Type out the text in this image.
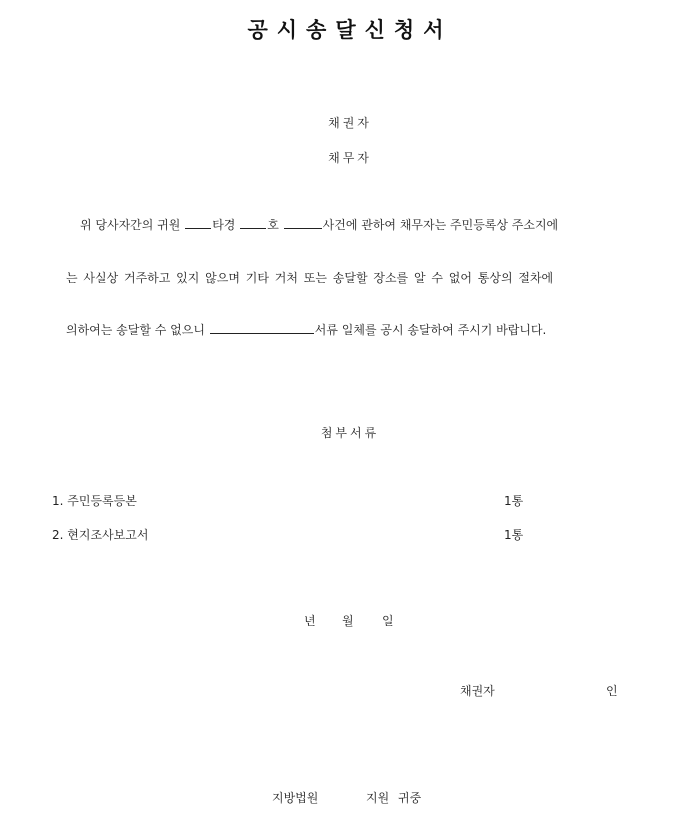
공시송달신청서
채권자
채무자
위 당사자간의 귀원	타경	호	사건에 관하여 채무자는 주민등록상 주소지에
는 사실상 거주하고 있지 않으며 기타 거처 또는 송달할 장소를 알 수 없어 통상의 절차에
의하여는 송달할 수 없으니	서류 일체를 공시 송달하여 주시기 바랍니다.
첨부서류
1. 주민등록등본	1통
2. 현지조사보고서	1통
년 월 일
채권자	인
지방법원	지원 귀중
